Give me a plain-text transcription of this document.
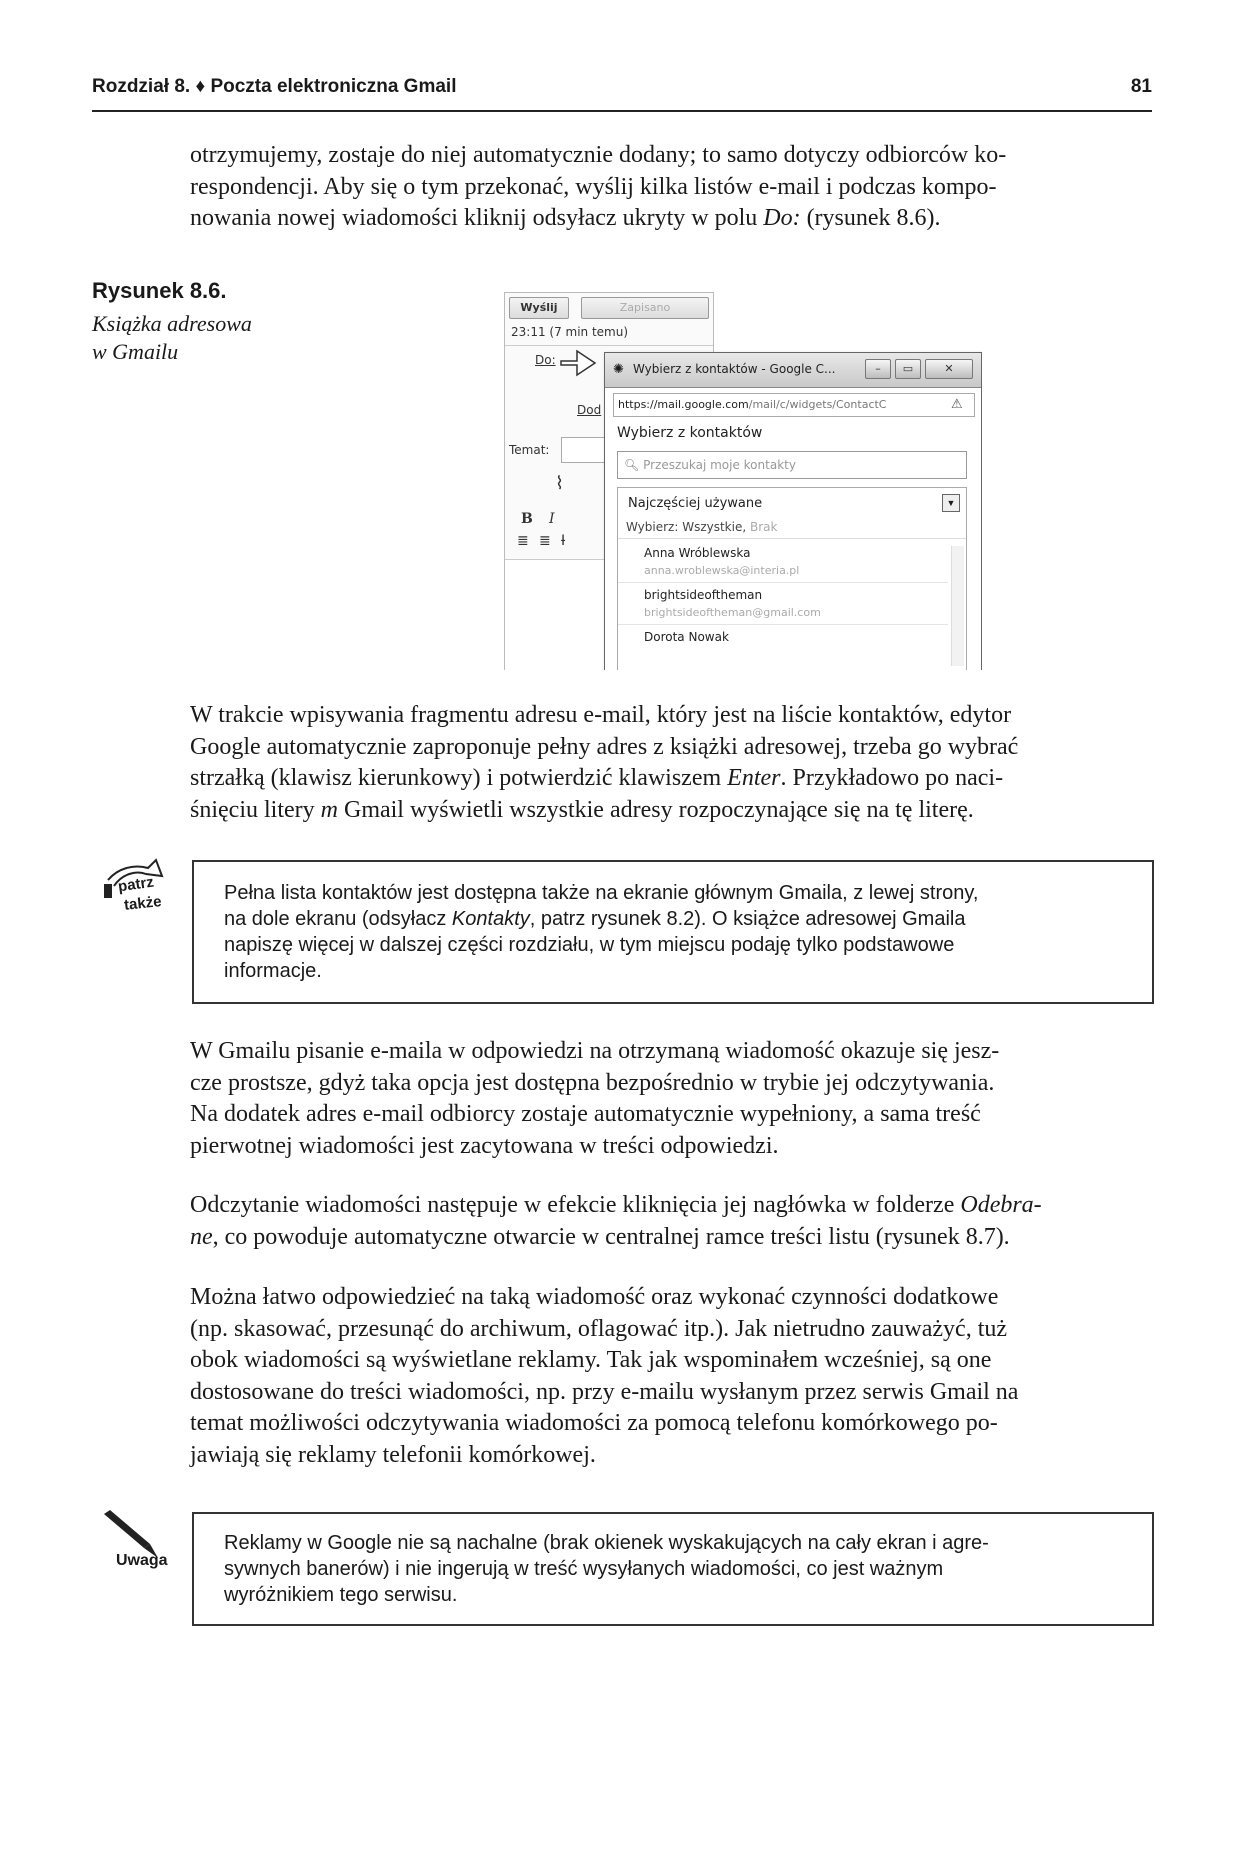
Rozdział 8. ♦ Poczta elektroniczna Gmail	81
otrzymujemy, zostaje do niej automatycznie dodany; to samo dotyczy odbiorców ko-
respondencji. Aby się o tym przekonać, wyślij kilka listów e-mail i podczas kompo-
nowania nowej wiadomości kliknij odsyłacz ukryty w polu Do: (rysunek 8.6).
Rysunek 8.6.
Książka adresowa
w Gmailu
Wyślij	Zapisano
23:11 (7 min temu)
Do:
Dod
Temat:
⌇
B I
≣ ≣ Ɨ
✺ Wybierz z kontaktów - Google C...	–	▭	✕
https://mail.google.com/mail/c/widgets/ContactC	⚠
Wybierz z kontaktów
🔍︎ Przeszukaj moje kontakty
Najczęściej używane	▼
Wybierz: Wszystkie, Brak
Anna Wróblewska
anna.wroblewska@interia.pl
brightsideoftheman
brightsideoftheman@gmail.com
Dorota Nowak
W trakcie wpisywania fragmentu adresu e-mail, który jest na liście kontaktów, edytor
Google automatycznie zaproponuje pełny adres z książki adresowej, trzeba go wybrać
strzałką (klawisz kierunkowy) i potwierdzić klawiszem Enter. Przykładowo po naci-
śnięciu litery m Gmail wyświetli wszystkie adresy rozpoczynające się na tę literę.
patrz
także	Pełna lista kontaktów jest dostępna także na ekranie głównym Gmaila, z lewej strony,
na dole ekranu (odsyłacz Kontakty, patrz rysunek 8.2). O książce adresowej Gmaila
napiszę więcej w dalszej części rozdziału, w tym miejscu podaję tylko podstawowe
informacje.
W Gmailu pisanie e-maila w odpowiedzi na otrzymaną wiadomość okazuje się jesz-
cze prostsze, gdyż taka opcja jest dostępna bezpośrednio w trybie jej odczytywania.
Na dodatek adres e-mail odbiorcy zostaje automatycznie wypełniony, a sama treść
pierwotnej wiadomości jest zacytowana w treści odpowiedzi.
Odczytanie wiadomości następuje w efekcie kliknięcia jej nagłówka w folderze Odebra-
ne, co powoduje automatyczne otwarcie w centralnej ramce treści listu (rysunek 8.7).
Można łatwo odpowiedzieć na taką wiadomość oraz wykonać czynności dodatkowe
(np. skasować, przesunąć do archiwum, oflagować itp.). Jak nietrudno zauważyć, tuż
obok wiadomości są wyświetlane reklamy. Tak jak wspominałem wcześniej, są one
dostosowane do treści wiadomości, np. przy e-mailu wysłanym przez serwis Gmail na
temat możliwości odczytywania wiadomości za pomocą telefonu komórkowego po-
jawiają się reklamy telefonii komórkowej.
Uwaga
Reklamy w Google nie są nachalne (brak okienek wyskakujących na cały ekran i agre-
sywnych banerów) i nie ingerują w treść wysyłanych wiadomości, co jest ważnym
wyróżnikiem tego serwisu.
